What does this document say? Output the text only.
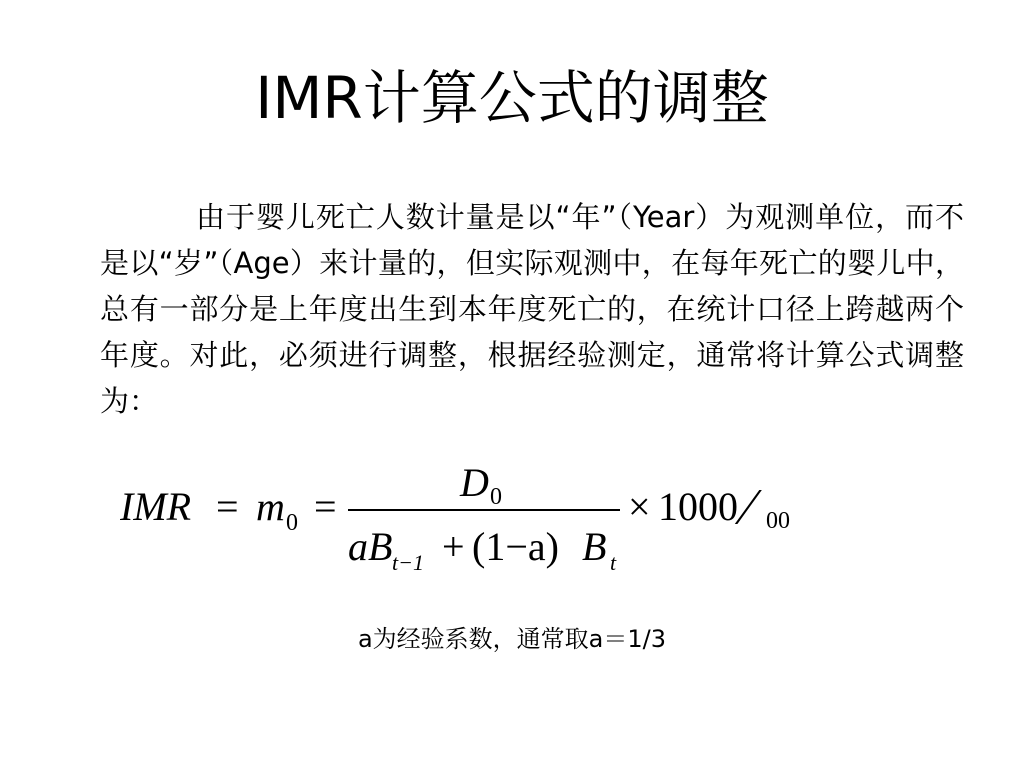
IMR计算公式的调整
由于婴儿死亡人数计量是以“年”（Year）为观测单位，而不是以“岁”（Age）来计量的，但实际观测中，在每年死亡的婴儿中，总有一部分是上年度出生到本年度死亡的，在统计口径上跨越两个年度。对此，必须进行调整，根据经验测定，通常将计算公式调整为：
IMR = m 0 =
D 0
aB t−1 + (1−a) B t
× 1000 ⁄ 00
a为经验系数，通常取a＝1/3
